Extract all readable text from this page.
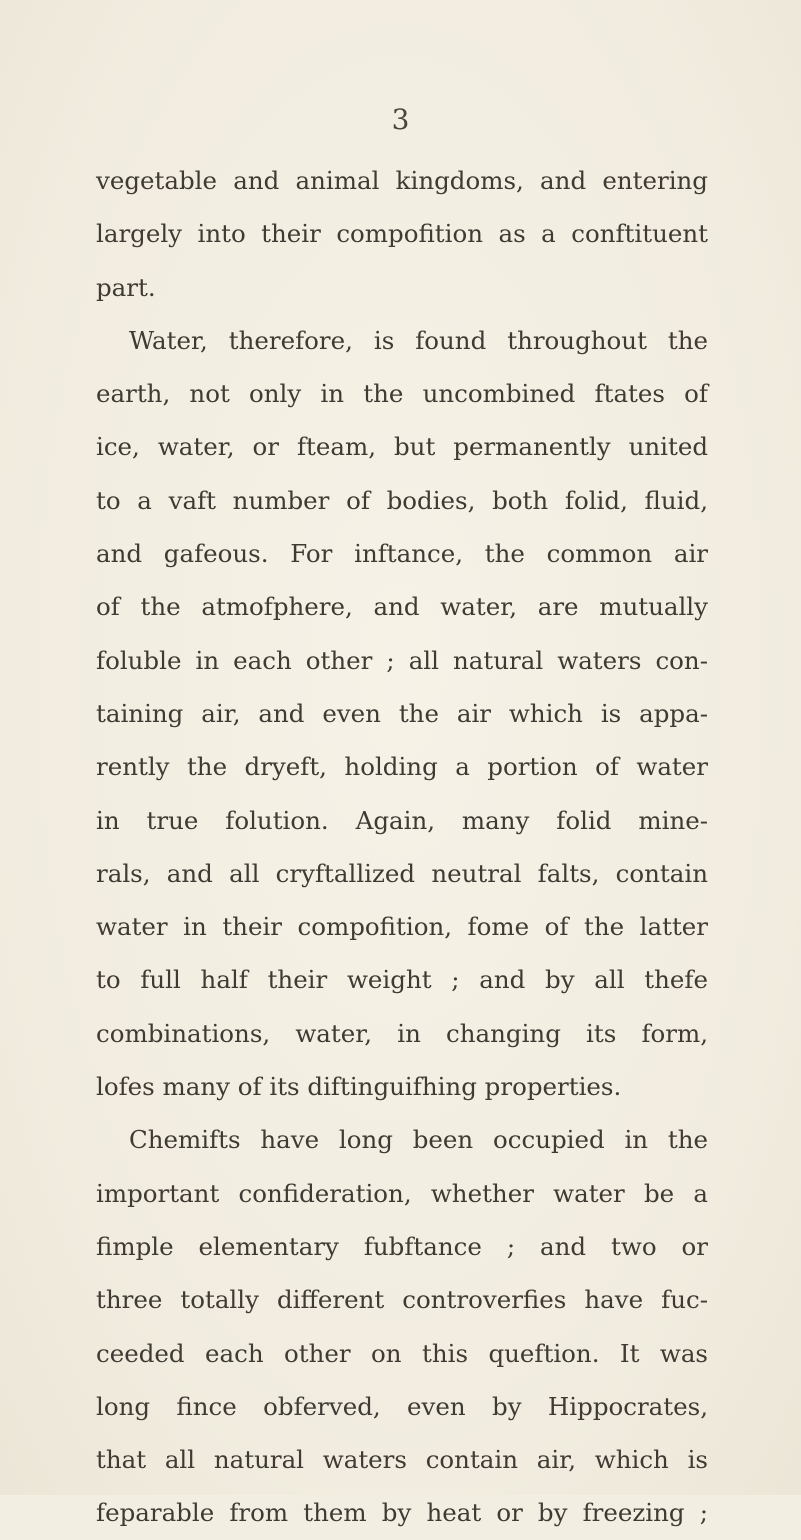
3
vegetable and animal kingdoms, and entering
largely into their compofition as a conftituent
part.
Water, therefore, is found throughout the
earth, not only in the uncombined ftates of
ice, water, or fteam, but permanently united
to a vaft number of bodies, both folid, fluid,
and gafeous. For inftance, the common air
of the atmofphere, and water, are mutually
foluble in each other ; all natural waters con-
taining air, and even the air which is appa-
rently the dryeft, holding a portion of water
in true folution. Again, many folid mine-
rals, and all cryftallized neutral falts, contain
water in their compofition, fome of the latter
to full half their weight ; and by all thefe
combinations, water, in changing its form,
lofes many of its diftinguifhing properties.
Chemifts have long been occupied in the
important confideration, whether water be a
fimple elementary fubftance ; and two or
three totally different controverfies have fuc-
ceeded each other on this queftion. It was
long fince obferved, even by Hippocrates,
that all natural waters contain air, which is
feparable from them by heat or by freezing ;
